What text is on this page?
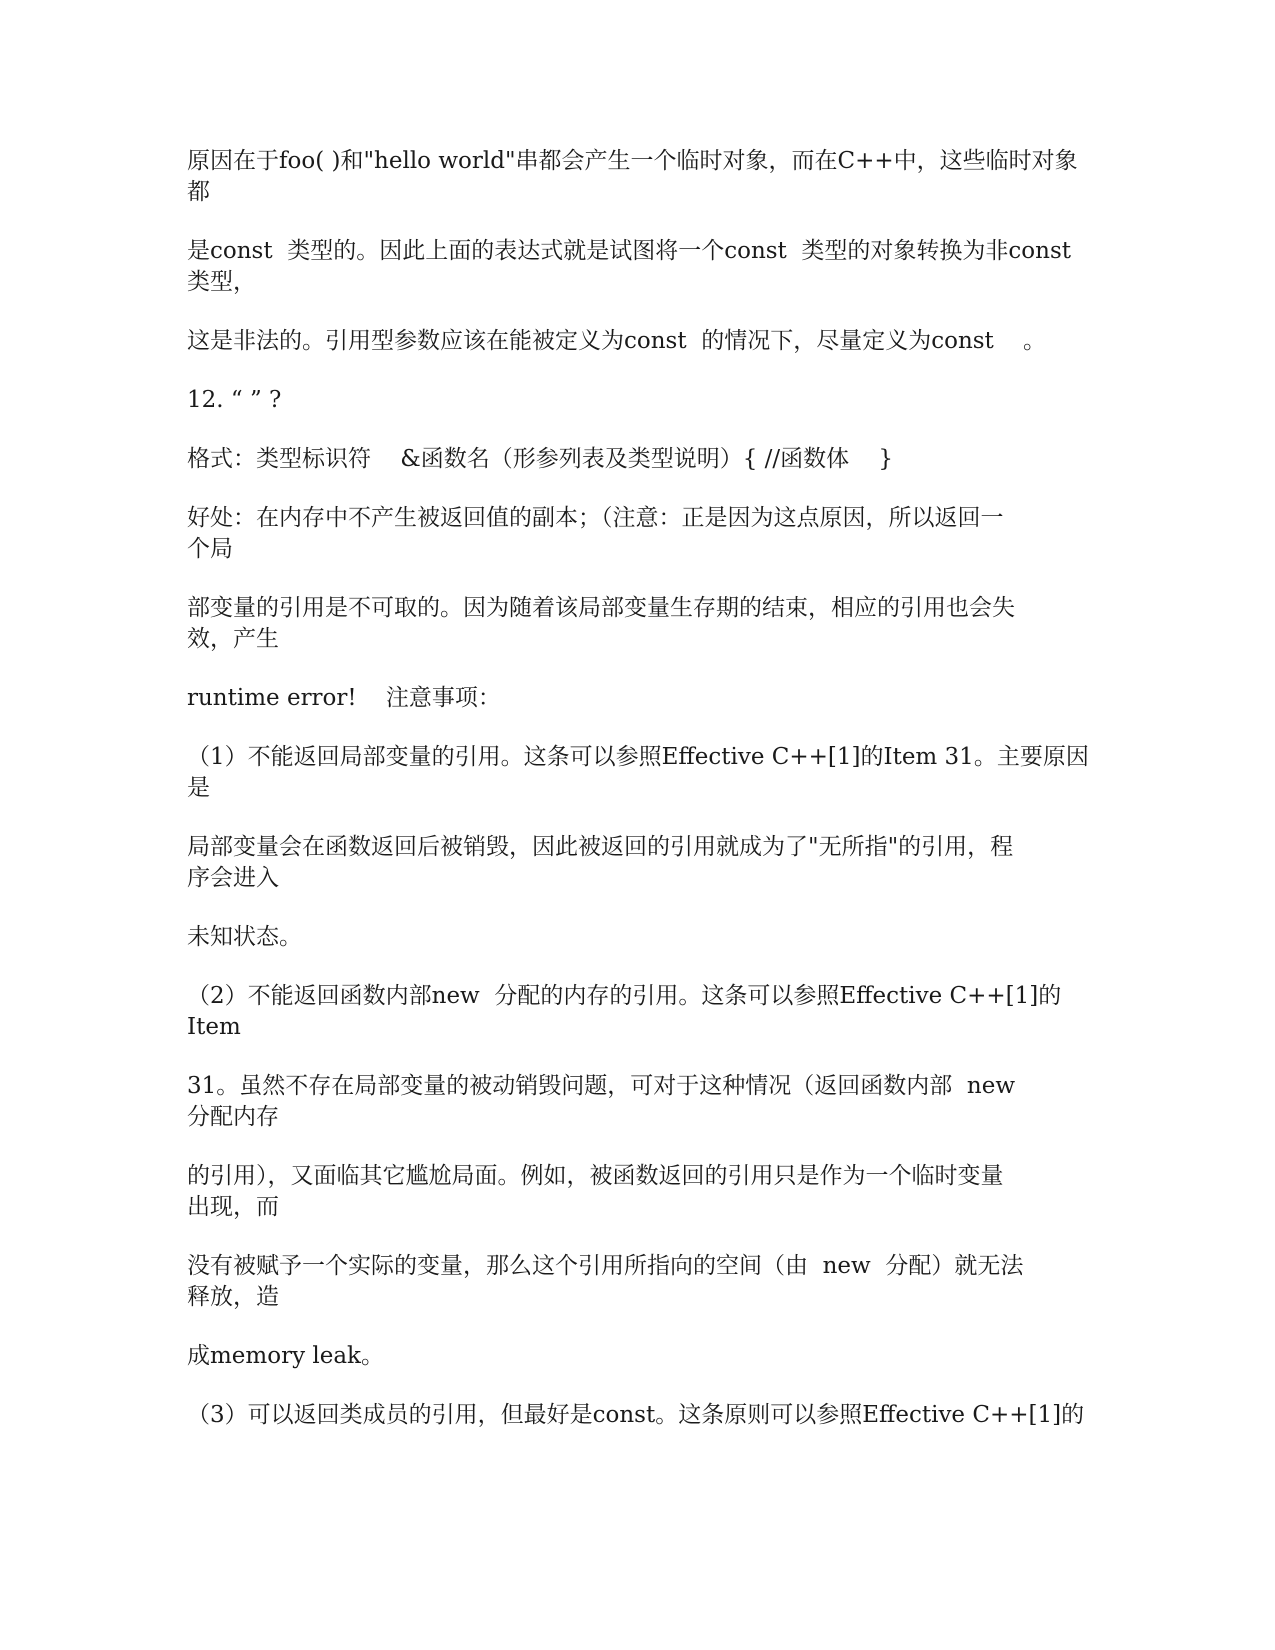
原因在于foo( )和"hello world"串都会产生一个临时对象，而在C++中，这些临时对象
都

是const  类型的。因此上面的表达式就是试图将一个const  类型的对象转换为非const
类型，

这是非法的。引用型参数应该在能被定义为const  的情况下，尽量定义为const    。

12. “ ” ?

格式：类型标识符    &函数名（形参列表及类型说明）{ //函数体    }

好处：在内存中不产生被返回值的副本；（注意：正是因为这点原因，所以返回一
个局

部变量的引用是不可取的。因为随着该局部变量生存期的结束，相应的引用也会失
效，产生

runtime error!    注意事项：

（1）不能返回局部变量的引用。这条可以参照Effective C++[1]的Item 31。主要原因
是

局部变量会在函数返回后被销毁，因此被返回的引用就成为了"无所指"的引用，程
序会进入

未知状态。

（2）不能返回函数内部new  分配的内存的引用。这条可以参照Effective C++[1]的
Item

31。虽然不存在局部变量的被动销毁问题，可对于这种情况（返回函数内部  new
分配内存

的引用），又面临其它尴尬局面。例如，被函数返回的引用只是作为一个临时变量
出现，而

没有被赋予一个实际的变量，那么这个引用所指向的空间（由  new  分配）就无法
释放，造

成memory leak。

（3）可以返回类成员的引用，但最好是const。这条原则可以参照Effective C++[1]的
